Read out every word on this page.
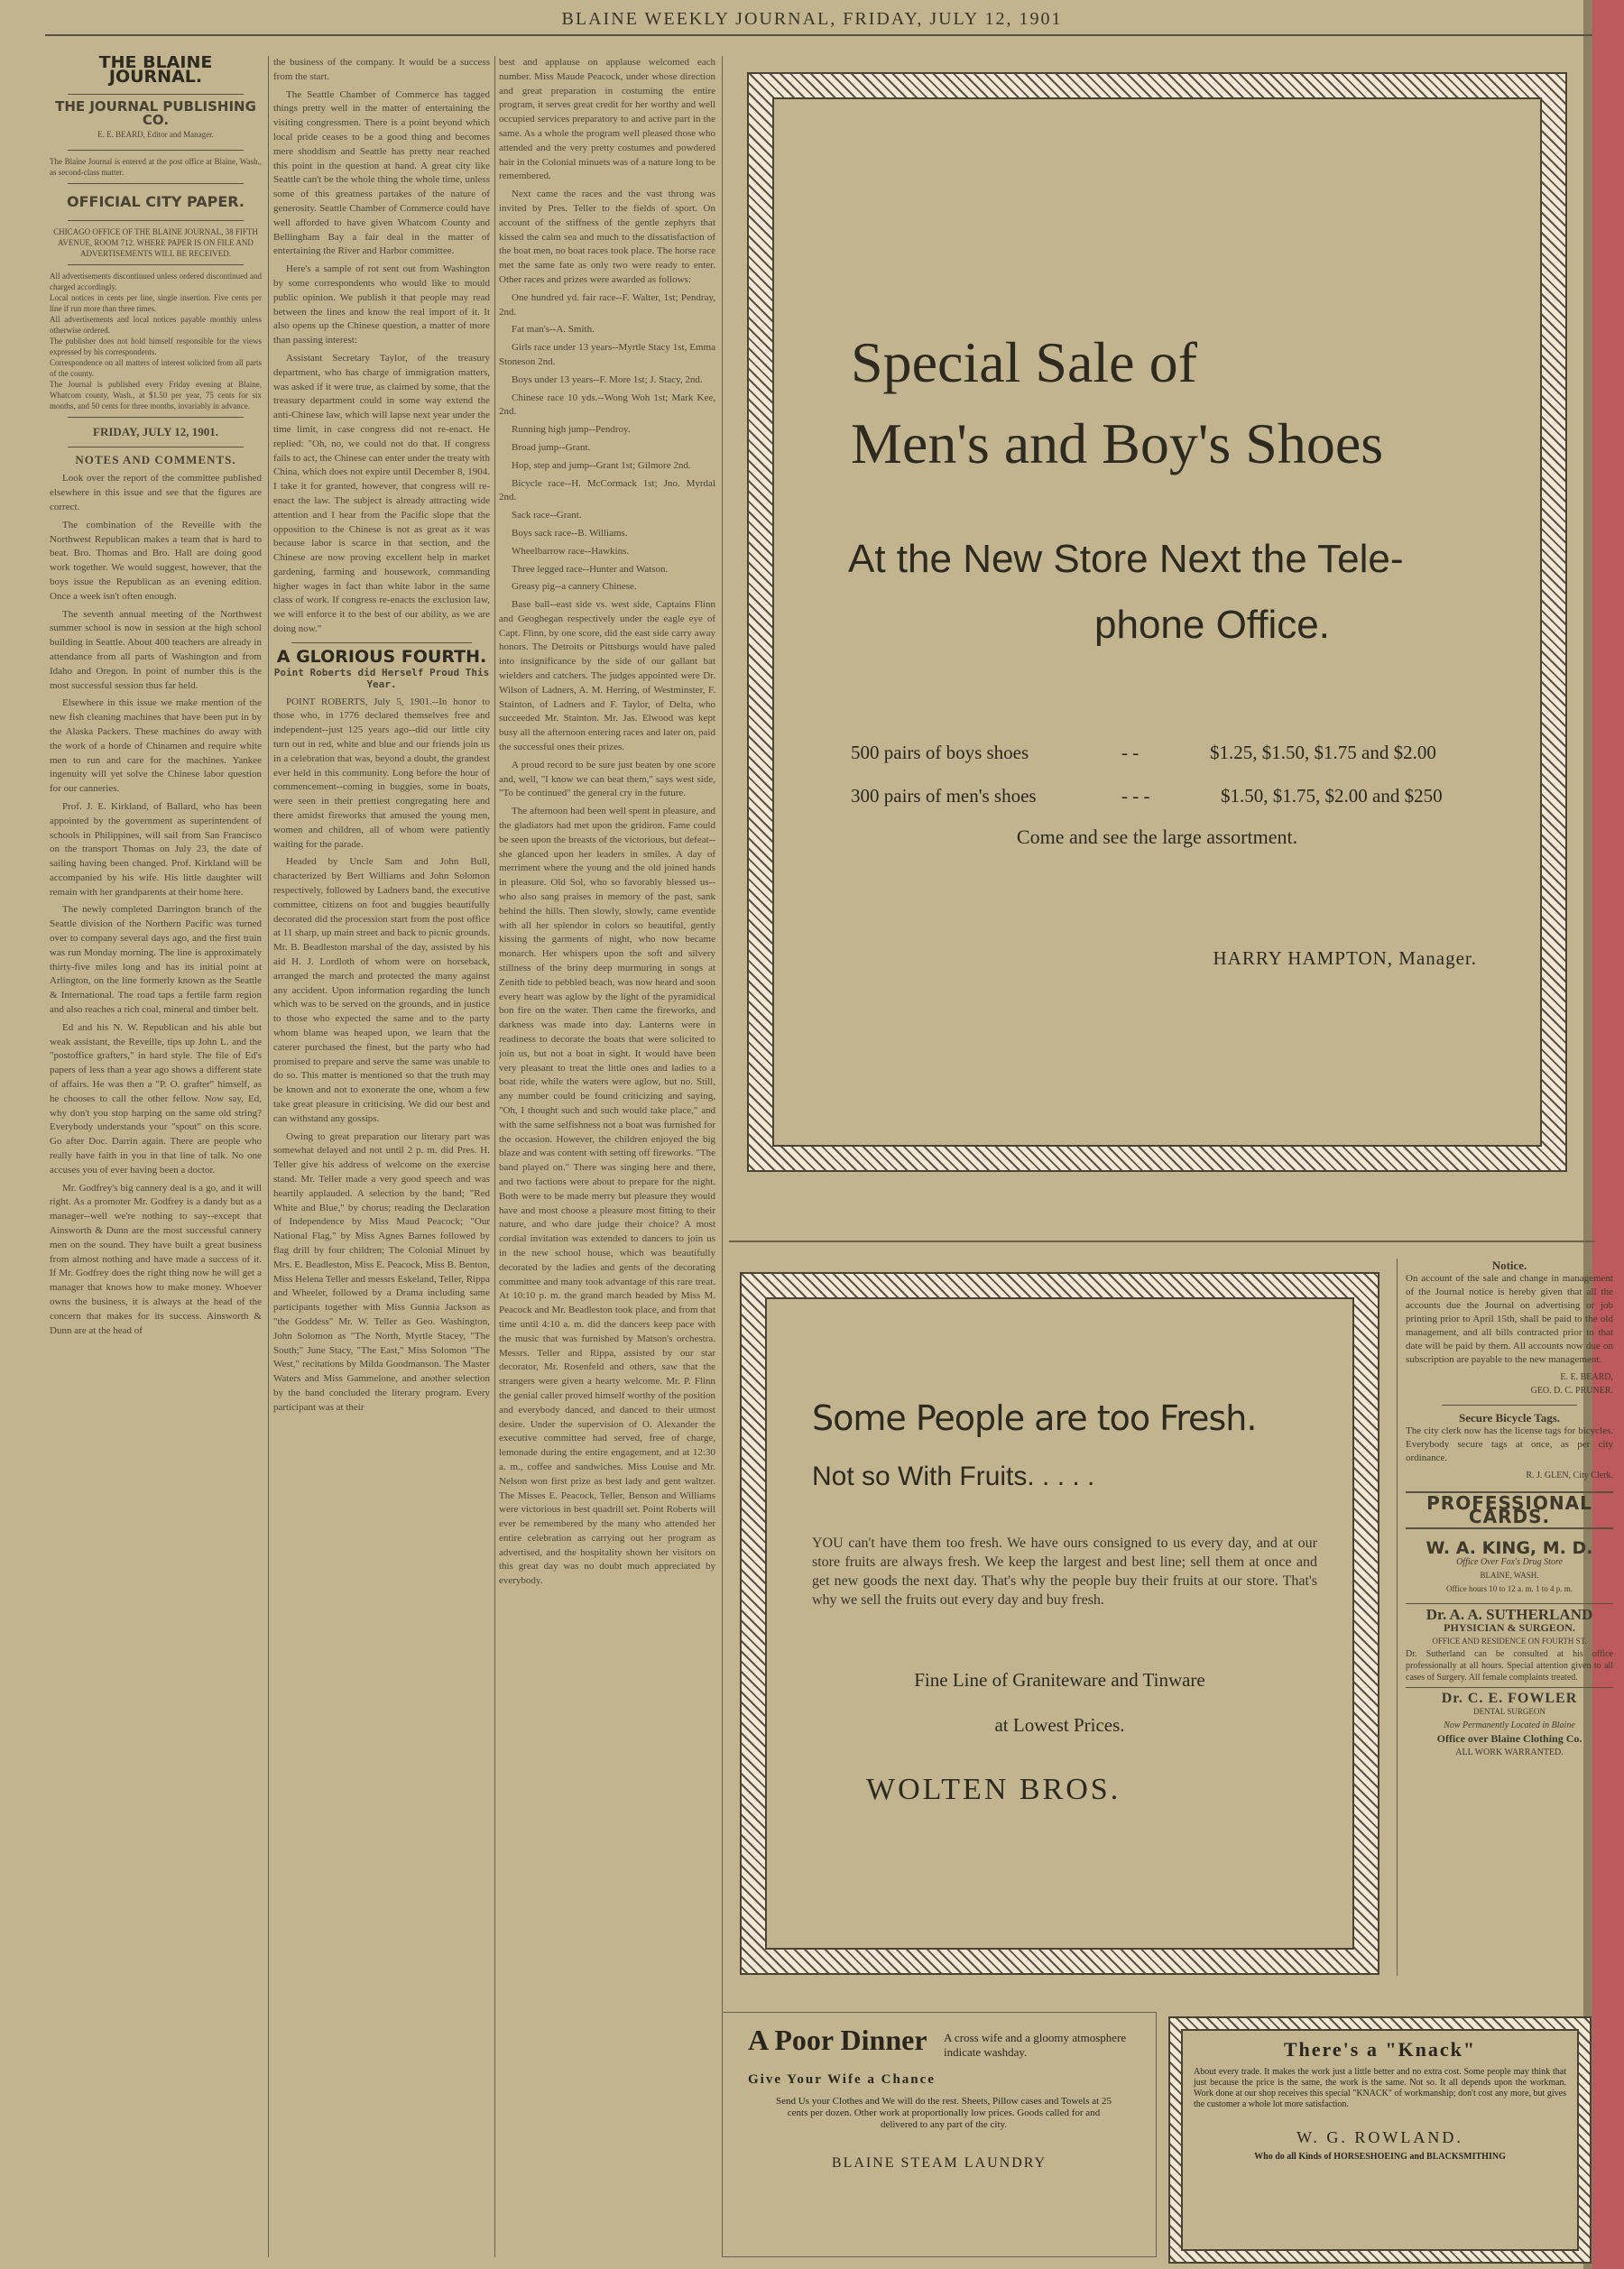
BLAINE WEEKLY JOURNAL, FRIDAY, JULY 12, 1901
THE BLAINE JOURNAL.
THE JOURNAL PUBLISHING CO.
E. E. BEARD, Editor and Manager.
The Blaine Journal is entered at the post office at Blaine, Wash., as second-class matter.
OFFICIAL CITY PAPER.
CHICAGO OFFICE OF THE BLAINE JOURNAL, 38 FIFTH AVENUE, ROOM 712. WHERE PAPER IS ON FILE AND ADVERTISEMENTS WILL BE RECEIVED.
All advertisements discontinued unless ordered discontinued and charged accordingly.
Local notices in cents per line, single insertion. Five cents per line if run more than three times.
All advertisements and local notices payable monthly unless otherwise ordered.
The publisher does not hold himself responsible for the views expressed by his correspondents.
Correspondence on all matters of interest solicited from all parts of the county.
The Journal is published every Friday evening at Blaine, Whatcom county, Wash., at $1.50 per year, 75 cents for six months, and 50 cents for three months, invariably in advance.
FRIDAY, JULY 12, 1901.
NOTES AND COMMENTS.

Look over the report of the committee published elsewhere in this issue and see that the figures are correct.

The combination of the Reveille with the Northwest Republican makes a team that is hard to beat. Bro. Thomas and Bro. Hall are doing good work together. We would suggest, however, that the boys issue the Republican as an evening edition. Once a week isn't often enough.

The seventh annual meeting of the Northwest summer school is now in session at the high school building in Seattle. About 400 teachers are already in attendance from all parts of Washington and from Idaho and Oregon. In point of number this is the most successful session thus far held.

Elsewhere in this issue we make mention of the new fish cleaning machines that have been put in by the Alaska Packers. These machines do away with the work of a horde of Chinamen and require white men to run and care for the machines. Yankee ingenuity will yet solve the Chinese labor question for our canneries.

Prof. J. E. Kirkland, of Ballard, who has been appointed by the government as superintendent of schools in Philippines, will sail from San Francisco on the transport Thomas on July 23, the date of sailing having been changed. Prof. Kirkland will be accompanied by his wife. His little daughter will remain with her grandparents at their home here.

The newly completed Darrington branch of the Seattle division of the Northern Pacific was turned over to company several days ago, and the first train was run Monday morning. The line is approximately thirty-five miles long and has its initial point at Arlington, on the line formerly known as the Seattle & International. The road taps a fertile farm region and also reaches a rich coal, mineral and timber belt.

Ed and his N. W. Republican and his able but weak assistant, the Reveille, tips up John L. and the "postoffice grafters," in hard style. The file of Ed's papers of less than a year ago shows a different state of affairs. He was then a "P. O. grafter" himself, as he chooses to call the other fellow. Now say, Ed, why don't you stop harping on the same old string? Everybody understands your "spout" on this score. Go after Doc. Darrin again. There are people who really have faith in you in that line of talk. No one accuses you of ever having been a doctor.

Mr. Godfrey's big cannery deal is a go, and it will right. As a promoter Mr. Godfrey is a dandy but as a manager--well we're nothing to say--except that Ainsworth & Dunn are the most successful cannery men on the sound. They have built a great business from almost nothing and have made a success of it. If Mr. Godfrey does the right thing now he will get a manager that knows how to make money. Whoever owns the business, it is always at the head of the concern that makes for its success. Ainsworth & Dunn are at the head of

the business of the company. It would be a success from the start.

The Seattle Chamber of Commerce has tagged things pretty well in the matter of entertaining the visiting congressmen. There is a point beyond which local pride ceases to be a good thing and becomes mere shoddism and Seattle has pretty near reached this point in the question at hand. A great city like Seattle can't be the whole thing the whole time, unless some of this greatness partakes of the nature of generosity. Seattle Chamber of Commerce could have well afforded to have given Whatcom County and Bellingham Bay a fair deal in the matter of entertaining the River and Harbor committee.

Here's a sample of rot sent out from Washington by some correspondents who would like to mould public opinion. We publish it that people may read between the lines and know the real import of it. It also opens up the Chinese question, a matter of more than passing interest:

Assistant Secretary Taylor, of the treasury department, who has charge of immigration matters, was asked if it were true, as claimed by some, that the treasury department could in some way extend the anti-Chinese law, which will lapse next year under the time limit, in case congress did not re-enact. He replied: "Oh, no, we could not do that. If congress fails to act, the Chinese can enter under the treaty with China, which does not expire until December 8, 1904. I take it for granted, however, that congress will re-enact the law. The subject is already attracting wide attention and I hear from the Pacific slope that the opposition to the Chinese is not as great as it was because labor is scarce in that section, and the Chinese are now proving excellent help in market gardening, farming and housework, commanding higher wages in fact than white labor in the same class of work. If congress re-enacts the exclusion law, we will enforce it to the best of our ability, as we are doing now."

A GLORIOUS FOURTH.
Point Roberts did Herself Proud This Year.

POINT ROBERTS, July 5, 1901.--In honor to those who, in 1776 declared themselves free and independent--just 125 years ago--did our little city turn out in red, white and blue and our friends join us in a celebration that was, beyond a doubt, the grandest ever held in this community. Long before the hour of commencement--coming in buggies, some in boats, were seen in their prettiest congregating here and there amidst fireworks that amused the young men, women and children, all of whom were patiently waiting for the parade.

Headed by Uncle Sam and John Bull, characterized by Bert Williams and John Solomon respectively, followed by Ladners band, the executive committee, citizens on foot and buggies beautifully decorated did the procession start from the post office at 11 sharp, up main street and back to picnic grounds. Mr. B. Beadleston marshal of the day, assisted by his aid H. J. Lordloth of whom were on horseback, arranged the march and protected the many against any accident. Upon information regarding the lunch which was to be served on the grounds, and in justice to those who expected the same and to the party whom blame was heaped upon, we learn that the caterer purchased the finest, but the party who had promised to prepare and serve the same was unable to do so. This matter is mentioned so that the truth may be known and not to exonerate the one, whom a few take great pleasure in criticising. We did our best and can withstand any gossips.

Owing to great preparation our literary part was somewhat delayed and not until 2 p. m. did Pres. H. Teller give his address of welcome on the exercise stand. Mr. Teller made a very good speech and was heartily applauded. A selection by the band; "Red White and Blue," by chorus; reading the Declaration of Independence by Miss Maud Peacock; "Our National Flag," by Miss Agnes Barnes followed by flag drill by four children; The Colonial Minuet by Mrs. E. Beadleston, Miss E. Peacock, Miss B. Benton, Miss Helena Teller and messrs Eskeland, Teller, Rippa and Wheeler, followed by a Drama including same participants together with Miss Gunnia Jackson as "the Goddess" Mr. W. Teller as Geo. Washington, John Solomon as "The North, Myrtle Stacey, "The South;" June Stacy, "The East," Miss Solomon "The West," recitations by Milda Goodmanson. The Master Waters and Miss Gammelone, and another selection by the band concluded the literary program. Every participant was at their

best and applause on applause welcomed each number. Miss Maude Peacock, under whose direction and great preparation in costuming the entire program, it serves great credit for her worthy and well occupied services preparatory to and active part in the same. As a whole the program well pleased those who attended and the very pretty costumes and powdered hair in the Colonial minuets was of a nature long to be remembered.

Next came the races and the vast throng was invited by Pres. Teller to the fields of sport. On account of the stiffness of the gentle zephyrs that kissed the calm sea and much to the dissatisfaction of the boat men, no boat races took place. The horse race met the same fate as only two were ready to enter. Other races and prizes were awarded as follows:

One hundred yd. fair race--F. Walter, 1st; Pendray, 2nd.

Fat man's--A. Smith.

Girls race under 13 years--Myrtle Stacy 1st, Emma Stoneson 2nd.

Boys under 13 years--F. More 1st; J. Stacy, 2nd.

Chinese race 10 yds.--Wong Woh 1st; Mark Kee, 2nd.

Running high jump--Pendroy.

Broad jump--Grant.

Hop, step and jump--Grant 1st; Gilmore 2nd.

Bicycle race--H. McCormack 1st; Jno. Myrdal 2nd.

Sack race--Grant.

Boys sack race--B. Williams.

Wheelbarrow race--Hawkins.

Three legged race--Hunter and Watson.

Greasy pig--a cannery Chinese.

Base ball--east side vs. west side, Captains Flinn and Geoghegan respectively under the eagle eye of Capt. Flinn, by one score, did the east side carry away honors. The Detroits or Pittsburgs would have paled into insignificance by the side of our gallant bat wielders and catchers. The judges appointed were Dr. Wilson of Ladners, A. M. Herring, of Westminster, F. Stainton, of Ladners and F. Taylor, of Delta, who succeeded Mr. Stainton. Mr. Jas. Elwood was kept busy all the afternoon entering races and later on, paid the successful ones their prizes.

A proud record to be sure just beaten by one score and, well, "I know we can beat them," says west side, "To be continued" the general cry in the future.

The afternoon had been well spent in pleasure, and the gladiators had met upon the gridiron. Fame could be seen upon the breasts of the victorious, but defeat--she glanced upon her leaders in smiles. A day of merriment where the young and the old joined hands in pleasure. Old Sol, who so favorably blessed us--who also sang praises in memory of the past, sank behind the hills. Then slowly, slowly, came eventide with all her splendor in colors so beautiful, gently kissing the garments of night, who now became monarch. Her whispers upon the soft and silvery stillness of the briny deep murmuring in songs at Zenith tide to pebbled beach, was now heard and soon every heart was aglow by the light of the pyramidical bon fire on the water. Then came the fireworks, and darkness was made into day. Lanterns were in readiness to decorate the boats that were solicited to join us, but not a boat in sight. It would have been very pleasant to treat the little ones and ladies to a boat ride, while the waters were aglow, but no. Still, any number could be found criticizing and saying, "Oh, I thought such and such would take place," and with the same selfishness not a boat was furnished for the occasion. However, the children enjoyed the big blaze and was content with setting off fireworks. "The band played on." There was singing here and there, and two factions were about to prepare for the night. Both were to be made merry but pleasure they would have and most choose a pleasure most fitting to their nature, and who dare judge their choice? A most cordial invitation was extended to dancers to join us in the new school house, which was beautifully decorated by the ladies and gents of the decorating committee and many took advantage of this rare treat. At 10:10 p. m. the grand march headed by Miss M. Peacock and Mr. Beadleston took place, and from that time until 4:10 a. m. did the dancers keep pace with the music that was furnished by Matson's orchestra. Messrs. Teller and Rippa, assisted by our star decorator, Mr. Rosenfeld and others, saw that the strangers were given a hearty welcome. Mr. P. Flinn the genial caller proved himself worthy of the position and everybody danced, and danced to their utmost desire. Under the supervision of O. Alexander the executive committee had served, free of charge, lemonade during the entire engagement, and at 12:30 a. m., coffee and sandwiches. Miss Louise and Mr. Nelson won first prize as best lady and gent waltzer. The Misses E. Peacock, Teller, Benson and Williams were victorious in best quadrill set. Point Roberts will ever be remembered by the many who attended her entire celebration as carrying out her program as advertised, and the hospitality shown her visitors on this great day was no doubt much appreciated by everybody.

Special Sale of
Men's and Boy's Shoes
At the New Store Next the Tele-
phone Office.
500 pairs of boys shoes	- -	$1.25, $1.50, $1.75 and $2.00
300 pairs of men's shoes	- - -	$1.50, $1.75, $2.00 and $250
Come and see the large assortment.
HARRY HAMPTON, Manager.
Some People are too Fresh.
Not so With Fruits. . . . .
YOU can't have them too fresh. We have ours consigned to us every day, and at our store fruits are always fresh. We keep the largest and best line; sell them at once and get new goods the next day. That's why the people buy their fruits at our store. That's why we sell the fruits out every day and buy fresh.
Fine Line of Graniteware and Tinware
at Lowest Prices.
WOLTEN BROS.
Notice.

On account of the sale and change in management of the Journal notice is hereby given that all the accounts due the Journal on advertising or job printing prior to April 15th, shall be paid to the old management, and all bills contracted prior to that date will be paid by them. All accounts now due on subscription are payable to the new management.

E. E. BEARD,
GEO. D. C. PRUNER.
Secure Bicycle Tags.

The city clerk now has the license tags for bicycles. Everybody secure tags at once, as per city ordinance.

R. J. GLEN, City Clerk.
PROFESSIONAL CARDS.
W. A. KING, M. D.
Office Over Fox's Drug Store
BLAINE, WASH.
Office hours 10 to 12 a. m. 1 to 4 p. m.
Dr. A. A. SUTHERLAND
PHYSICIAN & SURGEON.
OFFICE AND RESIDENCE ON FOURTH ST.

Dr. Sutherland can be consulted at his office professionally at all hours. Special attention given to all cases of Surgery. All female complaints treated.

Dr. C. E. FOWLER
DENTAL SURGEON
Now Permanently Located in Blaine
Office over Blaine Clothing Co.
ALL WORK WARRANTED.
A Poor Dinner A cross wife and a gloomy atmosphere indicate washday.
Give Your Wife a Chance
Send Us your Clothes and We will do the rest. Sheets, Pillow cases and Towels at 25 cents per dozen. Other work at proportionally low prices. Goods called for and delivered to any part of the city.
BLAINE STEAM LAUNDRY
There's a "Knack"
About every trade. It makes the work just a little better and no extra cost. Some people may think that just because the price is the same, the work is the same. Not so. It all depends upon the workman. Work done at our shop receives this special "KNACK" of workmanship; don't cost any more, but gives the customer a whole lot more satisfaction.
W. G. ROWLAND.
Who do all Kinds of HORSESHOEING and BLACKSMITHING
